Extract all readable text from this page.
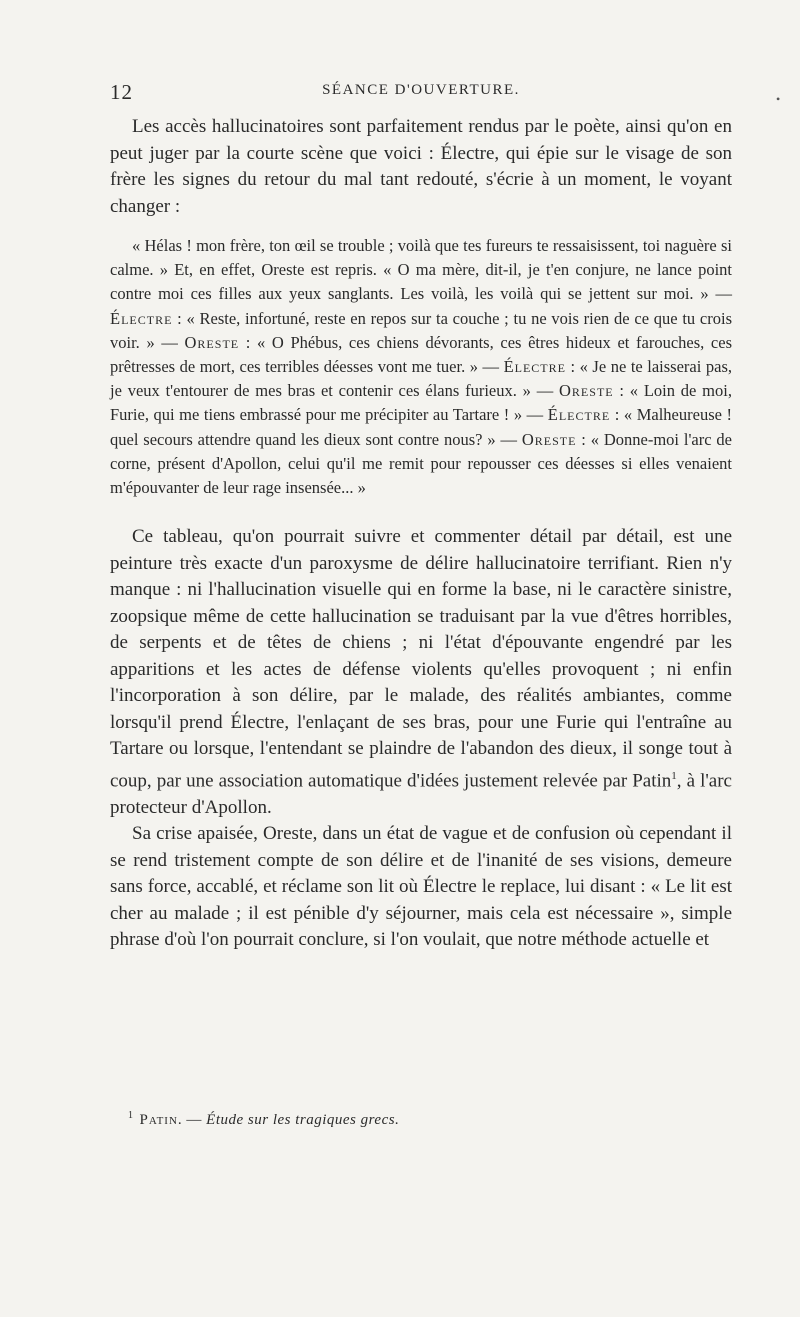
12	SÉANCE D'OUVERTURE.
•

Les accès hallucinatoires sont parfaitement rendus par le poète, ainsi qu'on en peut juger par la courte scène que voici : Électre, qui épie sur le visage de son frère les signes du retour du mal tant redouté, s'écrie à un moment, le voyant changer :

« Hélas ! mon frère, ton œil se trouble ; voilà que tes fureurs te ressaisissent, toi naguère si calme. » Et, en effet, Oreste est repris. « O ma mère, dit-il, je t'en conjure, ne lance point contre moi ces filles aux yeux sanglants. Les voilà, les voilà qui se jettent sur moi. » — Électre : « Reste, infortuné, reste en repos sur ta couche ; tu ne vois rien de ce que tu crois voir. » — Oreste : « O Phébus, ces chiens dévorants, ces êtres hideux et farouches, ces prêtresses de mort, ces terribles déesses vont me tuer. » — Électre : « Je ne te laisserai pas, je veux t'entourer de mes bras et contenir ces élans furieux. » — Oreste : « Loin de moi, Furie, qui me tiens embrassé pour me précipiter au Tartare ! » — Électre : « Malheureuse ! quel secours attendre quand les dieux sont contre nous? » — Oreste : « Donne-moi l'arc de corne, présent d'Apollon, celui qu'il me remit pour repousser ces déesses si elles venaient m'épouvanter de leur rage insensée... »

Ce tableau, qu'on pourrait suivre et commenter détail par détail, est une peinture très exacte d'un paroxysme de délire hallucinatoire terrifiant. Rien n'y manque : ni l'hallucination visuelle qui en forme la base, ni le caractère sinistre, zoopsique même de cette hallucination se traduisant par la vue d'êtres horribles, de serpents et de têtes de chiens ; ni l'état d'épouvante engendré par les apparitions et les actes de défense violents qu'elles provoquent ; ni enfin l'incorporation à son délire, par le malade, des réalités ambiantes, comme lorsqu'il prend Électre, l'enlaçant de ses bras, pour une Furie qui l'entraîne au Tartare ou lorsque, l'entendant se plaindre de l'abandon des dieux, il songe tout à coup, par une association automatique d'idées justement relevée par Patin$^1$, à l'arc protecteur d'Apollon.

Sa crise apaisée, Oreste, dans un état de vague et de confusion où cependant il se rend tristement compte de son délire et de l'inanité de ses visions, demeure sans force, accablé, et réclame son lit où Électre le replace, lui disant : « Le lit est cher au malade ; il est pénible d'y séjourner, mais cela est nécessaire », simple phrase d'où l'on pourrait conclure, si l'on voulait, que notre méthode actuelle et

$^1$ Patin. — Étude sur les tragiques grecs.
